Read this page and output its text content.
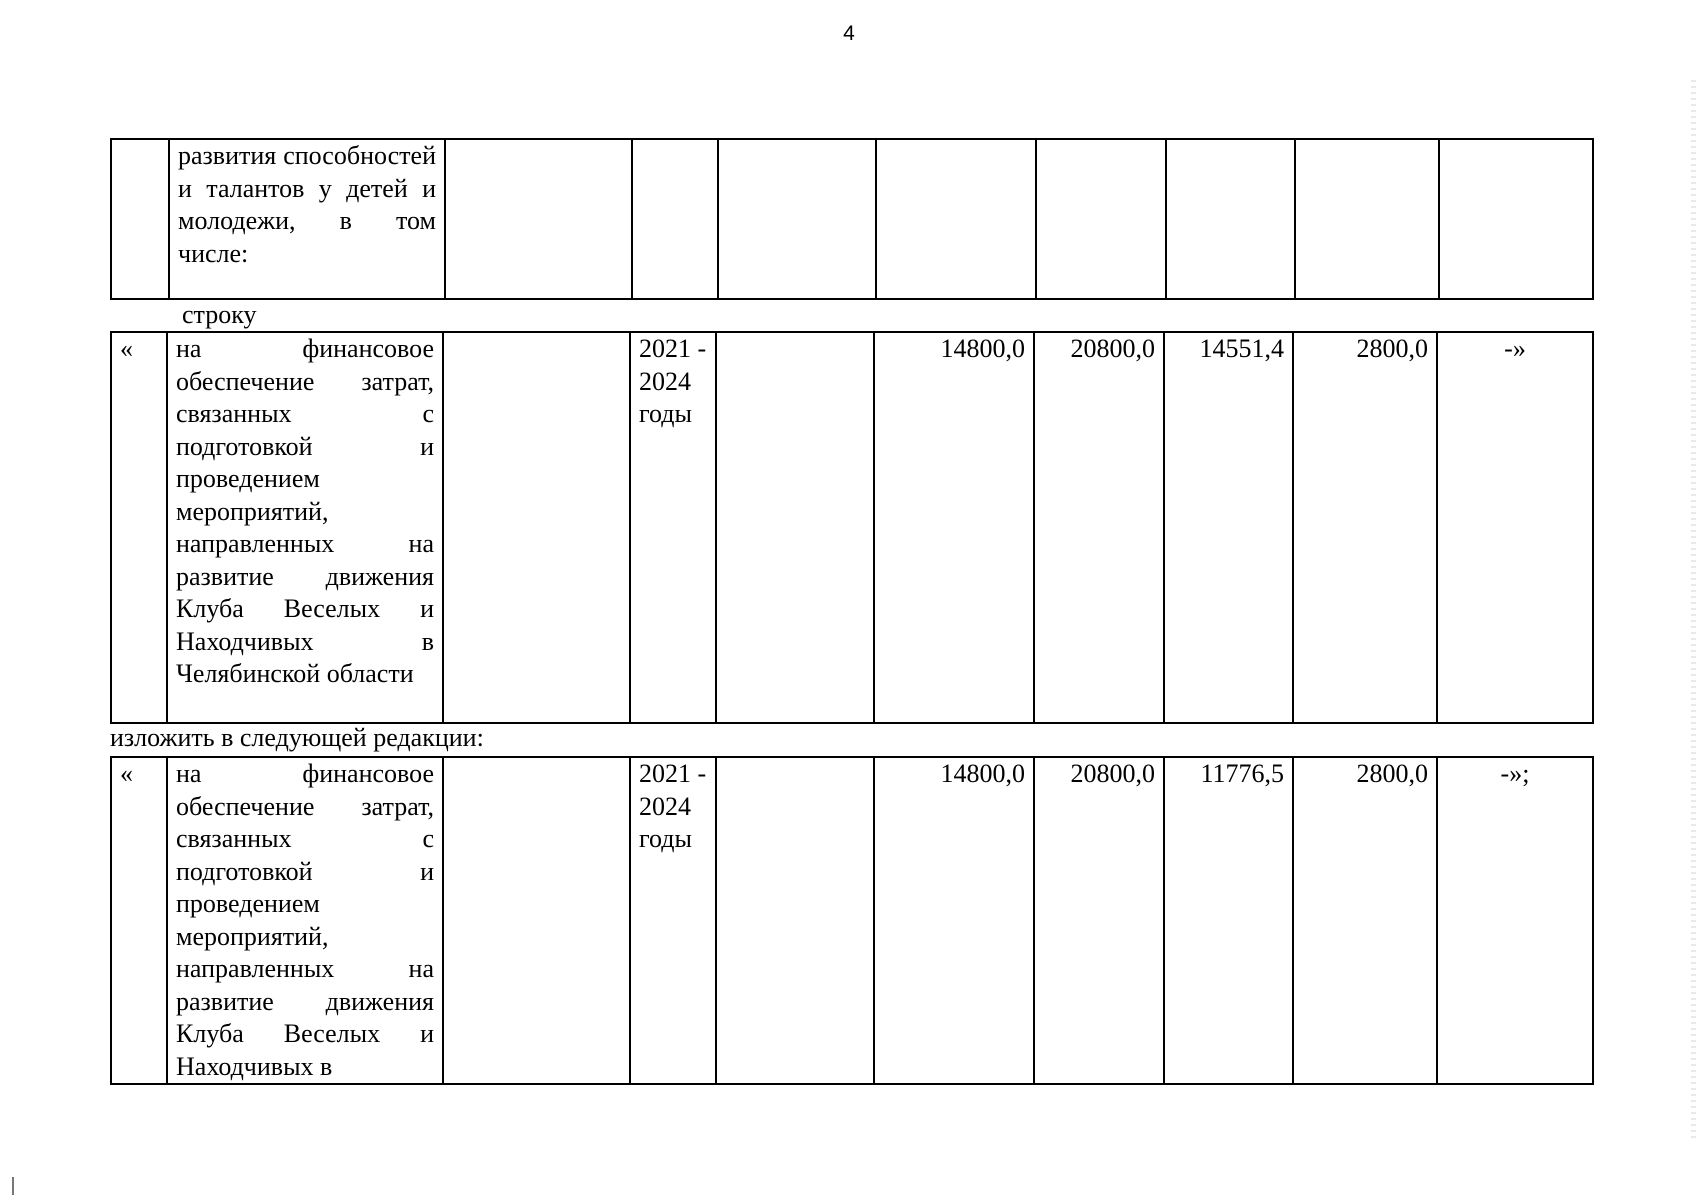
4
	развития способностей и талантов у детей и молодежи, в том числе:								
строку
«	на финансовое обеспечение затрат, связанных с подготовкой и проведением мероприятий, направленных на развитие движения Клуба Веселых и Находчивых в Челябинской области		2021 - 2024 годы		14800,0	20800,0	14551,4	2800,0	-»
изложить в следующей редакции:
«	на финансовое обеспечение затрат, связанных с подготовкой и проведением мероприятий, направленных на развитие движения Клуба Веселых и Находчивых в		2021 - 2024 годы		14800,0	20800,0	11776,5	2800,0	-»;
